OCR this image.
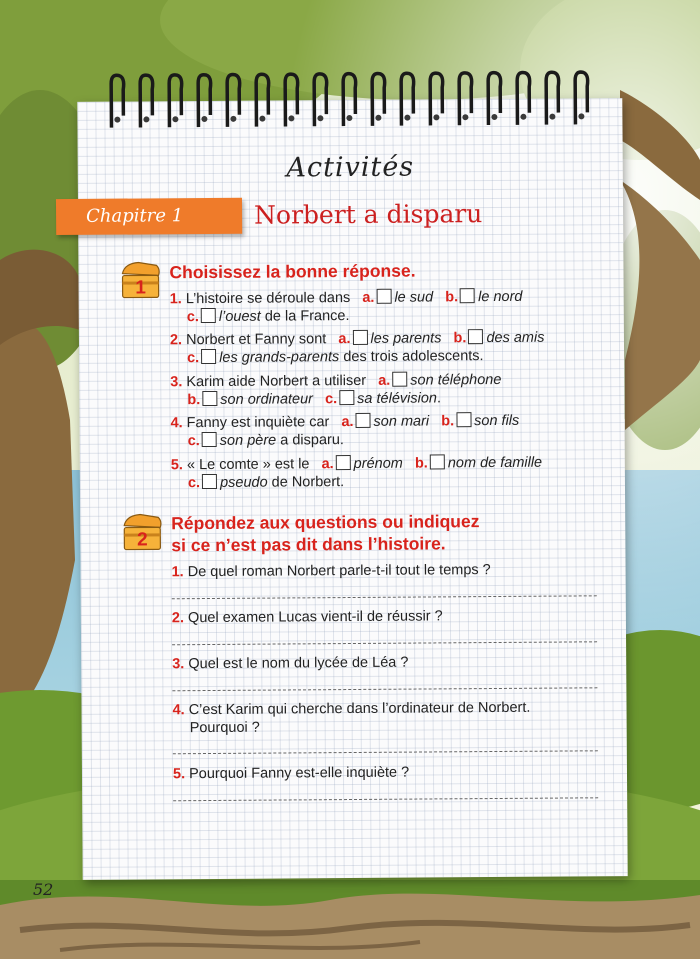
Activités
Chapitre 1	Norbert a disparu
1
Choisissez la bonne réponse.
1. L’histoire se déroule dans a. le sud b. le nord
c. l’ouest de la France.
2. Norbert et Fanny sont a. les parents b. des amis
c. les grands-parents des trois adolescents.
3. Karim aide Norbert a utiliser a. son téléphone
b. son ordinateur c. sa télévision.
4. Fanny est inquiète car a. son mari b. son fils
c. son père a disparu.
5. « Le comte » est le a. prénom b. nom de famille
c. pseudo de Norbert.
2
Répondez aux questions ou indiquez
si ce n’est pas dit dans l’histoire.
1. De quel roman Norbert parle-t-il tout le temps ?
2. Quel examen Lucas vient-il de réussir ?
3. Quel est le nom du lycée de Léa ?
4. C’est Karim qui cherche dans l’ordinateur de Norbert.
Pourquoi ?
5. Pourquoi Fanny est-elle inquiète ?
52
